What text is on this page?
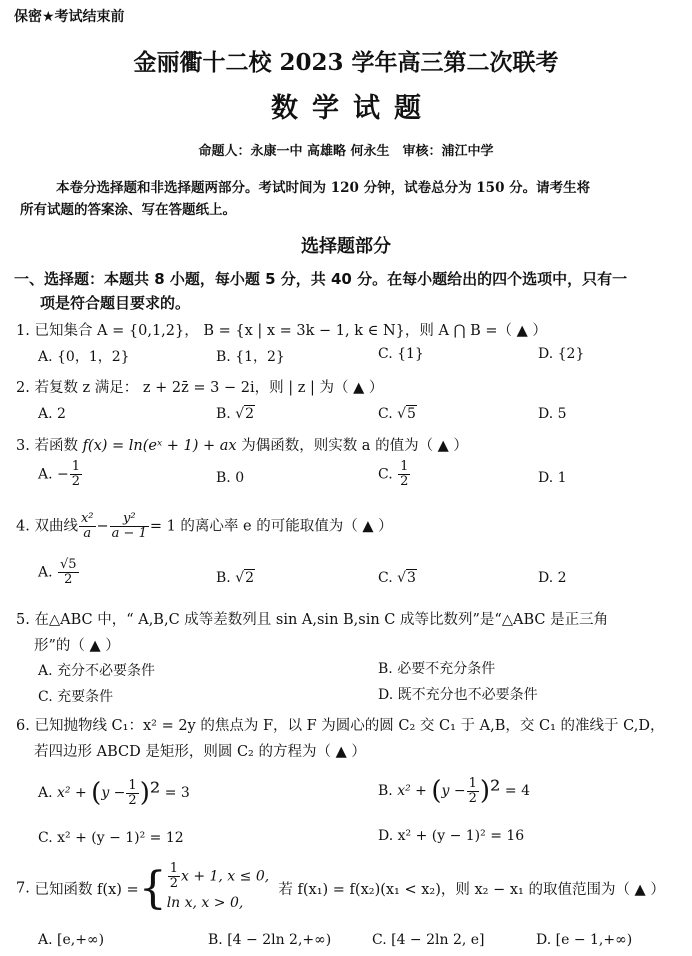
保密★考试结束前
金丽衢十二校 2023 学年高三第二次联考
数学试题
命题人：永康一中 高雄略 何永生　审核：浦江中学
本卷分选择题和非选择题两部分。考试时间为 120 分钟，试卷总分为 150 分。请考生将
所有试题的答案涂、写在答题纸上。
选择题部分
一、选择题：本题共 8 小题，每小题 5 分，共 40 分。在每小题给出的四个选项中，只有一
项是符合题目要求的。
1. 已知集合 A = {0,1,2}， B = {x | x = 3k − 1, k ∈ N}，则 A ⋂ B =（ ▲ ）
A. {0，1，2}	B. {1，2}	C. {1}	D. {2}
2. 若复数 z 满足： z + 2z̄ = 3 − 2i，则 | z | 为（ ▲ ）
A. 2	B. √2	C. √5	D. 5
3. 若函数 f(x) = ln(eˣ + 1) + ax 为偶函数，则实数 a 的值为（ ▲ ）
A. − $\frac{1}{2}$	B. 0	C. $\frac{1}{2}$	D. 1
4. 双曲线 $\frac{\text{x²}}{a} - \frac{\text{y²}}{a - 1} = 1$ 的离心率 e 的可能取值为（ ▲ ）
A. $\frac{√5}{2}$	B. √2	C. √3	D. 2
5. 在△ABC 中，“ A,B,C 成等差数列且 sin A,sin B,sin C 成等比数列”是“△ABC 是正三角
形”的（ ▲ ）
A. 充分不必要条件	B. 必要不充分条件
C. 充要条件	D. 既不充分也不必要条件
6. 已知抛物线 C₁：x² = 2y 的焦点为 F，以 F 为圆心的圆 C₂ 交 C₁ 于 A,B，交 C₁ 的准线于 C,D，
若四边形 ABCD 是矩形，则圆 C₂ 的方程为（ ▲ ）
A. $x^2 + (y - \frac{1}{2} )^2 = 3$	B. $x^2 + (y - \frac{1}{2} )^2 = 4$
C. x² + (y − 1)² = 12	D. x² + (y − 1)² = 16
7. 已知函数 f(x) ={ $\frac{1}{2}$ x + 1, x ≤ 0,
ln x, x > 0,
若 f(x₁) = f(x₂)(x₁ < x₂)，则 x₂ − x₁ 的取值范围为（ ▲ ）
A. [e,+∞)	B. [4 − 2ln 2,+∞)	C. [4 − 2ln 2, e]	D. [e − 1,+∞)
